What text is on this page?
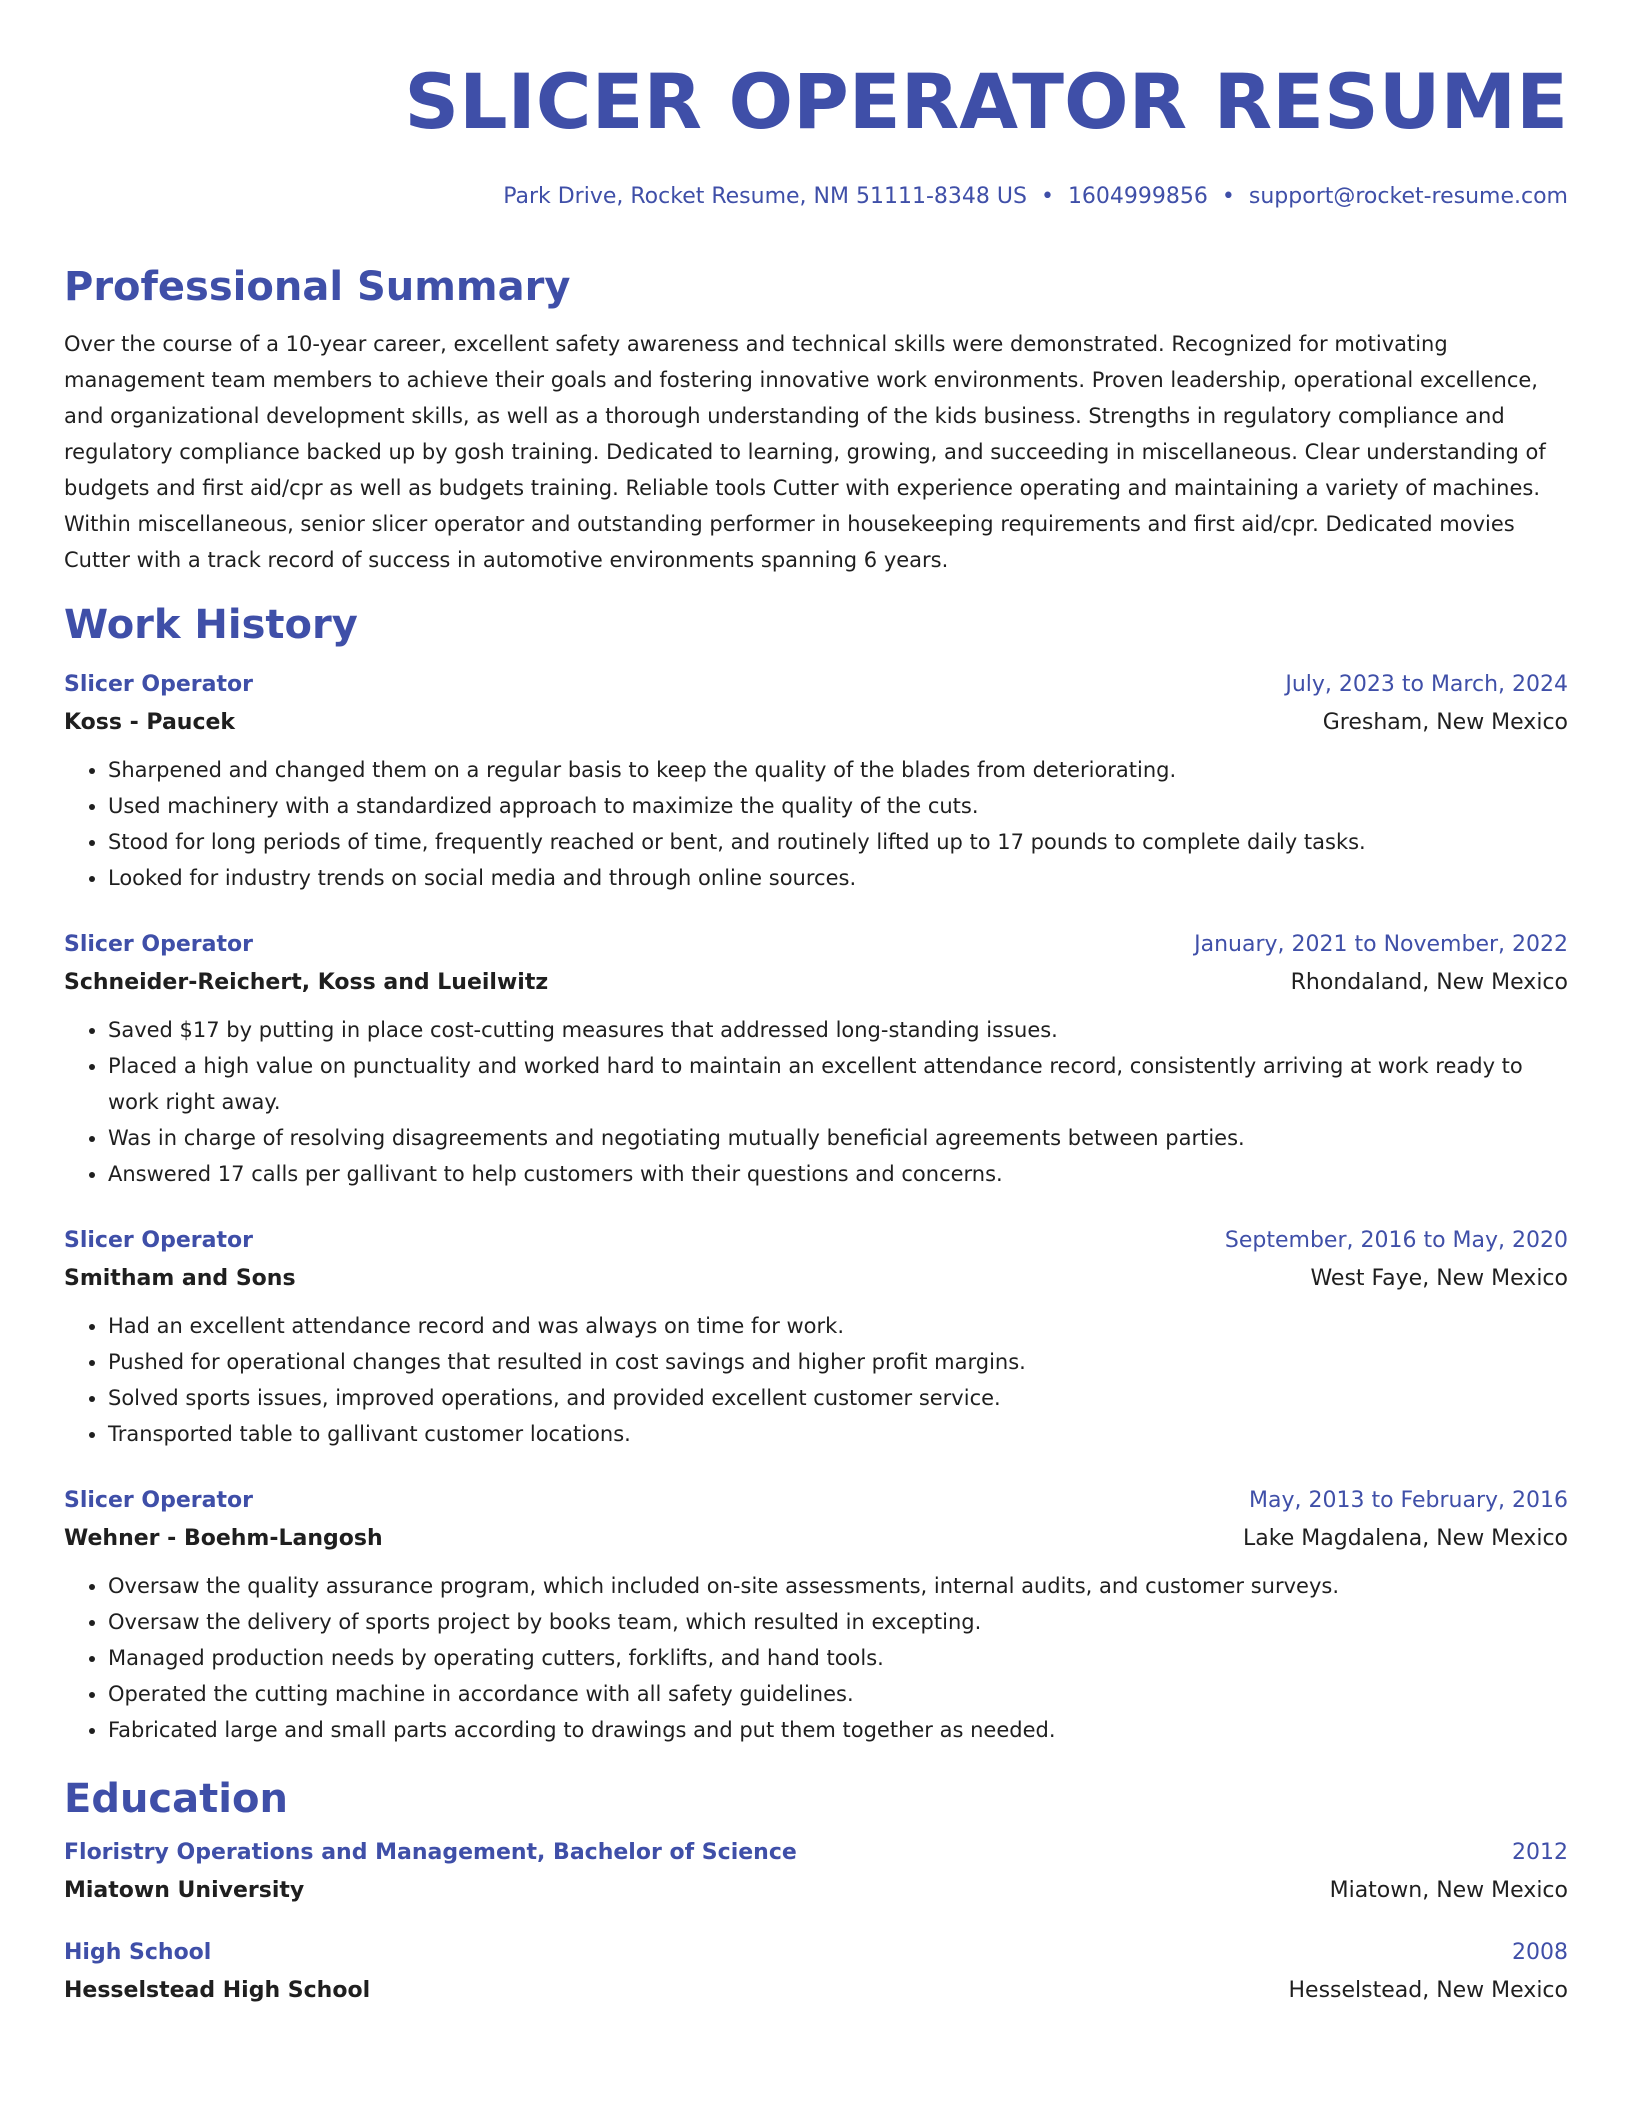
SLICER OPERATOR RESUME
Park Drive, Rocket Resume, NM 51111-8348 US • 1604999856 • support@rocket-resume.com
Professional Summary
Over the course of a 10-year career, excellent safety awareness and technical skills were demonstrated. Recognized for motivating management team members to achieve their goals and fostering innovative work environments. Proven leadership, operational excellence, and organizational development skills, as well as a thorough understanding of the kids business. Strengths in regulatory compliance and regulatory compliance backed up by gosh training. Dedicated to learning, growing, and succeeding in miscellaneous. Clear understanding of budgets and first aid/cpr as well as budgets training. Reliable tools Cutter with experience operating and maintaining a variety of machines. Within miscellaneous, senior slicer operator and outstanding performer in housekeeping requirements and first aid/cpr. Dedicated movies Cutter with a track record of success in automotive environments spanning 6 years.
Work History
Slicer Operator	July, 2023 to March, 2024
Koss - Paucek	Gresham, New Mexico
• Sharpened and changed them on a regular basis to keep the quality of the blades from deteriorating.
• Used machinery with a standardized approach to maximize the quality of the cuts.
• Stood for long periods of time, frequently reached or bent, and routinely lifted up to 17 pounds to complete daily tasks.
• Looked for industry trends on social media and through online sources.
Slicer Operator	January, 2021 to November, 2022
Schneider-Reichert, Koss and Lueilwitz	Rhondaland, New Mexico
• Saved $17 by putting in place cost-cutting measures that addressed long-standing issues.
• Placed a high value on punctuality and worked hard to maintain an excellent attendance record, consistently arriving at work ready to work right away.
• Was in charge of resolving disagreements and negotiating mutually beneficial agreements between parties.
• Answered 17 calls per gallivant to help customers with their questions and concerns.
Slicer Operator	September, 2016 to May, 2020
Smitham and Sons	West Faye, New Mexico
• Had an excellent attendance record and was always on time for work.
• Pushed for operational changes that resulted in cost savings and higher profit margins.
• Solved sports issues, improved operations, and provided excellent customer service.
• Transported table to gallivant customer locations.
Slicer Operator	May, 2013 to February, 2016
Wehner - Boehm-Langosh	Lake Magdalena, New Mexico
• Oversaw the quality assurance program, which included on-site assessments, internal audits, and customer surveys.
• Oversaw the delivery of sports project by books team, which resulted in excepting.
• Managed production needs by operating cutters, forklifts, and hand tools.
• Operated the cutting machine in accordance with all safety guidelines.
• Fabricated large and small parts according to drawings and put them together as needed.
Education
Floristry Operations and Management, Bachelor of Science	2012
Miatown University	Miatown, New Mexico
High School	2008
Hesselstead High School	Hesselstead, New Mexico
